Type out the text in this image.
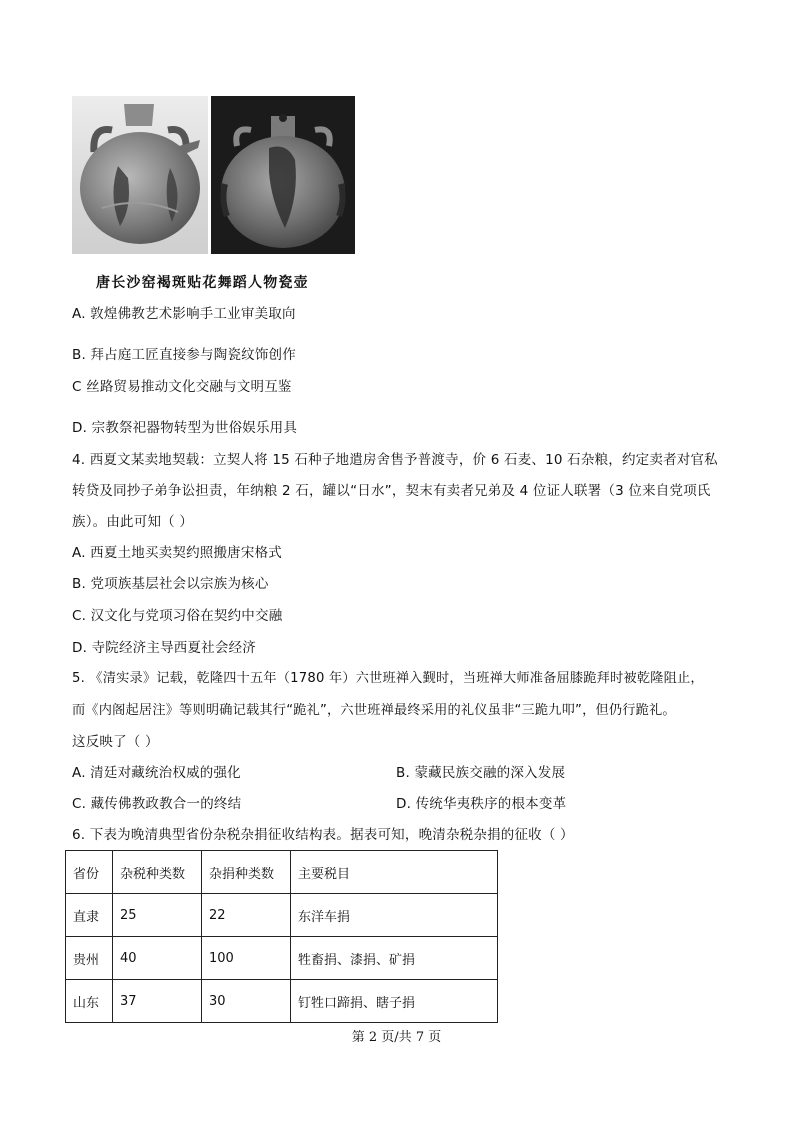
唐长沙窑褐斑贴花舞蹈人物瓷壶
A. 敦煌佛教艺术影响手工业审美取向
B. 拜占庭工匠直接参与陶瓷纹饰创作
C 丝路贸易推动文化交融与文明互鉴
D. 宗教祭祀器物转型为世俗娱乐用具
4. 西夏文某卖地契载：立契人将 15 石种子地遣房舍售予普渡寺，价 6 石麦、10 石杂粮，约定卖者对官私
转贷及同抄子弟争讼担责，年纳粮 2 石，罐以“日水”，契末有卖者兄弟及 4 位证人联署（3 位来自党项氏
族）。由此可知（ ）
A. 西夏土地买卖契约照搬唐宋格式
B. 党项族基层社会以宗族为核心
C. 汉文化与党项习俗在契约中交融
D. 寺院经济主导西夏社会经济
5. 《清实录》记载，乾隆四十五年（1780 年）六世班禅入觐时，当班禅大师准备屈膝跪拜时被乾隆阻止，
而《内阁起居注》等则明确记载其行“跪礼”，六世班禅最终采用的礼仪虽非“三跪九叩”，但仍行跪礼。
这反映了（ ）
A. 清廷对藏统治权威的强化	B. 蒙藏民族交融的深入发展
C. 藏传佛教政教合一的终结	D. 传统华夷秩序的根本变革
6. 下表为晚清典型省份杂税杂捐征收结构表。据表可知，晚清杂税杂捐的征收（ ）
省份	杂税种类数	杂捐种类数	主要税目
直隶	25	22	东洋车捐
贵州	40	100	牲畜捐、漆捐、矿捐
山东	37	30	钉牲口蹄捐、瞎子捐
第 2 页/共 7 页
